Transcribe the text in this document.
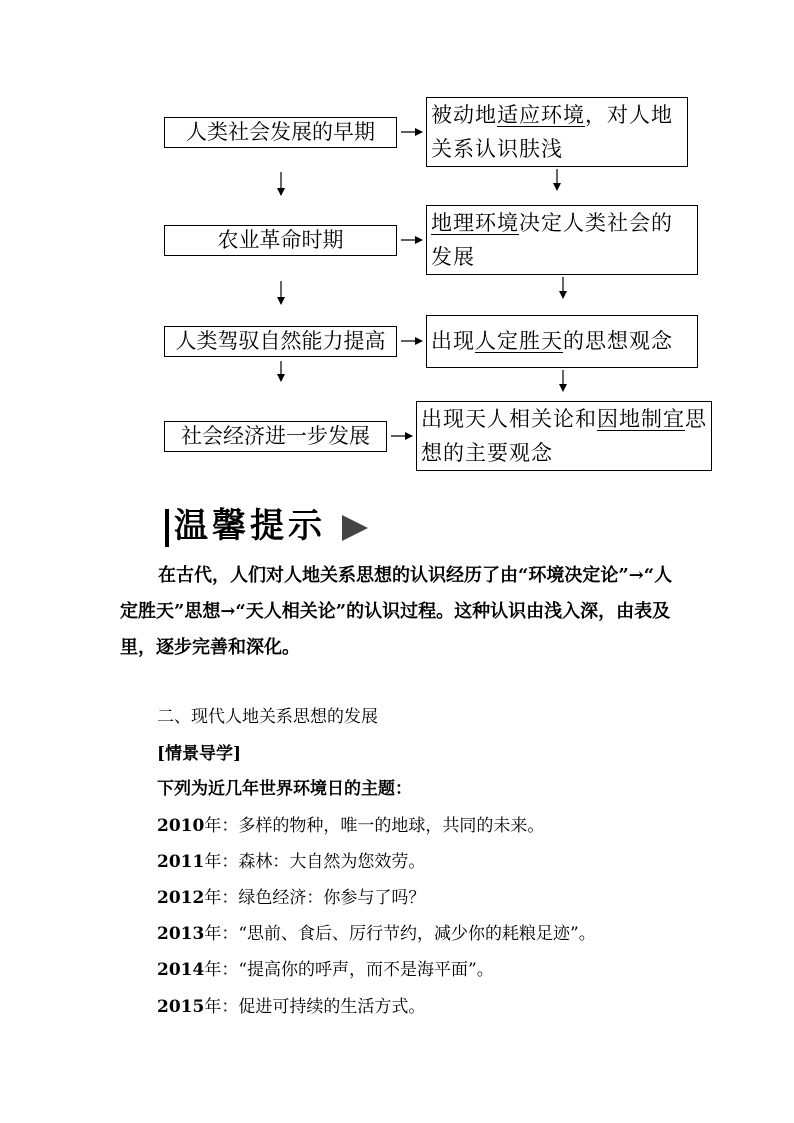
人类社会发展的早期
农业革命时期
人类驾驭自然能力提高
社会经济进一步发展
被动地适应环境，对人地关系认识肤浅
地理环境决定人类社会的发展
出现人定胜天的思想观念
出现天人相关论和因地制宜思想的主要观念
温馨提示
在古代，人们对人地关系思想的认识经历了由“环境决定论”→“人定胜天”思想→“天人相关论”的认识过程。这种认识由浅入深，由表及里，逐步完善和深化。
二、现代人地关系思想的发展
[情景导学]
下列为近几年世界环境日的主题：
2010年：多样的物种，唯一的地球，共同的未来。
2011年：森林：大自然为您效劳。
2012年：绿色经济：你参与了吗？
2013年：“思前、食后、厉行节约，减少你的耗粮足迹”。
2014年：“提高你的呼声，而不是海平面”。
2015年：促进可持续的生活方式。
